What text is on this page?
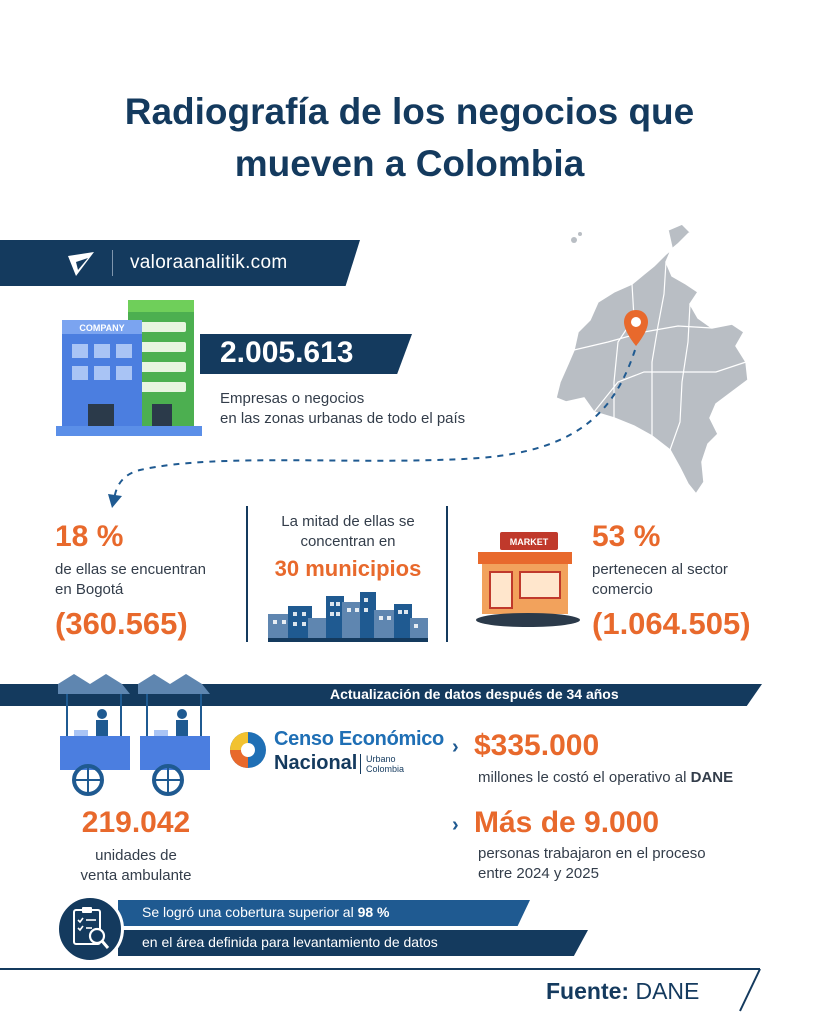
Radiografía de los negocios que
mueven a Colombia
valoraanalitik.com
COMPANY
2.005.613
Empresas o negocios
en las zonas urbanas de todo el país
18 %
de ellas se encuentran
en Bogotá
(360.565)
La mitad de ellas se
concentran en
30 municipios
MARKET 53 %
pertenecen al sector
comercio
(1.064.505)
Actualización de datos después de 34 años
219.042
unidades de
venta ambulante
Censo Económico
Nacional Urbano
Colombia
› $335.000
millones le costó el operativo al DANE
› Más de 9.000
personas trabajaron en el proceso
entre 2024 y 2025
Se logró una cobertura superior al 98 %
en el área definida para levantamiento de datos
Fuente: DANE
